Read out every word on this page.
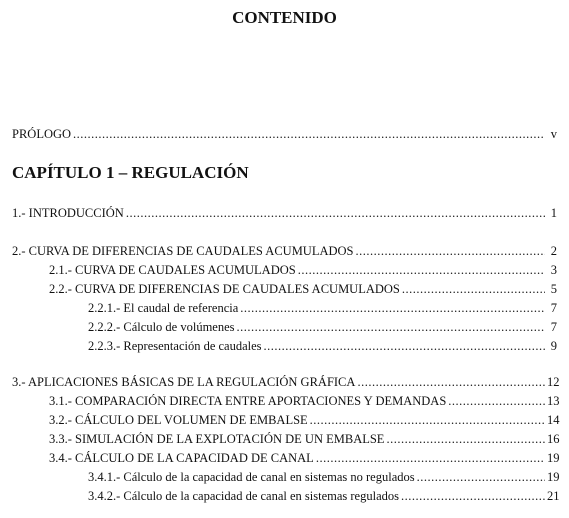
CONTENIDO
PRÓLOGO .....	v
CAPÍTULO 1 – REGULACIÓN
1.- INTRODUCCIÓN .....	1
2.- CURVA DE DIFERENCIAS DE CAUDALES ACUMULADOS .....	2
2.1.- CURVA DE CAUDALES ACUMULADOS .....	3
2.2.- CURVA DE DIFERENCIAS DE CAUDALES ACUMULADOS .....	5
2.2.1.- El caudal de referencia .....	7
2.2.2.- Cálculo de volúmenes .....	7
2.2.3.- Representación de caudales .....	9
3.- APLICACIONES BÁSICAS DE LA REGULACIÓN GRÁFICA .....	12
3.1.- COMPARACIÓN DIRECTA ENTRE APORTACIONES Y DEMANDAS .....	13
3.2.- CÁLCULO DEL VOLUMEN DE EMBALSE .....	14
3.3.- SIMULACIÓN DE LA EXPLOTACIÓN DE UN EMBALSE .....	16
3.4.- CÁLCULO DE LA CAPACIDAD DE CANAL .....	19
3.4.1.- Cálculo de la capacidad de canal en sistemas no regulados .....	19
3.4.2.- Cálculo de la capacidad de canal en sistemas regulados .....	21
